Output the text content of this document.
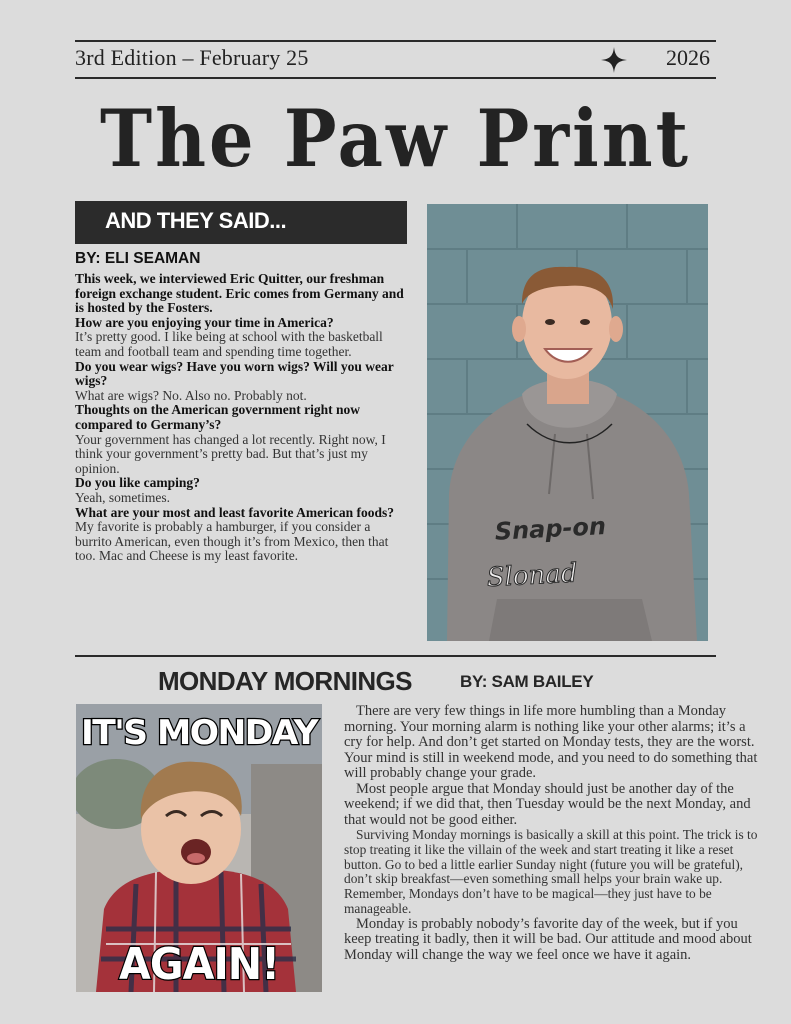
3rd Edition – February 25	2026
The Paw Print
AND THEY SAID...
BY: ELI SEAMAN

This week, we interviewed Eric Quitter, our freshman foreign exchange student. Eric comes from Germany and is hosted by the Fosters.

How are you enjoying your time in America?

It’s pretty good. I like being at school with the basketball team and football team and spending time together.

Do you wear wigs? Have you worn wigs? Will you wear wigs?

What are wigs? No. Also no. Probably not.

Thoughts on the American government right now compared to Germany’s?

Your government has changed a lot recently. Right now, I think your government’s pretty bad. But that’s just my opinion.

Do you like camping?

Yeah, sometimes.

What are your most and least favorite American foods?

My favorite is probably a hamburger, if you consider a burrito American, even though it’s from Mexico, then that too. Mac and Cheese is my least favorite.

Snap-on
Slonad
MONDAY MORNINGS	BY: SAM BAILEY
IT'S MONDAY
AGAIN!

There are very few things in life more humbling than a Monday morning. Your morning alarm is nothing like your other alarms; it’s a cry for help. And don’t get started on Monday tests, they are the worst. Your mind is still in weekend mode, and you need to do something that will probably change your grade.

Most people argue that Monday should just be another day of the weekend; if we did that, then Tuesday would be the next Monday, and that would not be good either.

Surviving Monday mornings is basically a skill at this point. The trick is to stop treating it like the villain of the week and start treating it like a reset button. Go to bed a little earlier Sunday night (future you will be grateful), don’t skip breakfast—even something small helps your brain wake up. Remember, Mondays don’t have to be magical—they just have to be manageable.

Monday is probably nobody’s favorite day of the week, but if you keep treating it badly, then it will be bad. Our attitude and mood about Monday will change the way we feel once we have it again.
